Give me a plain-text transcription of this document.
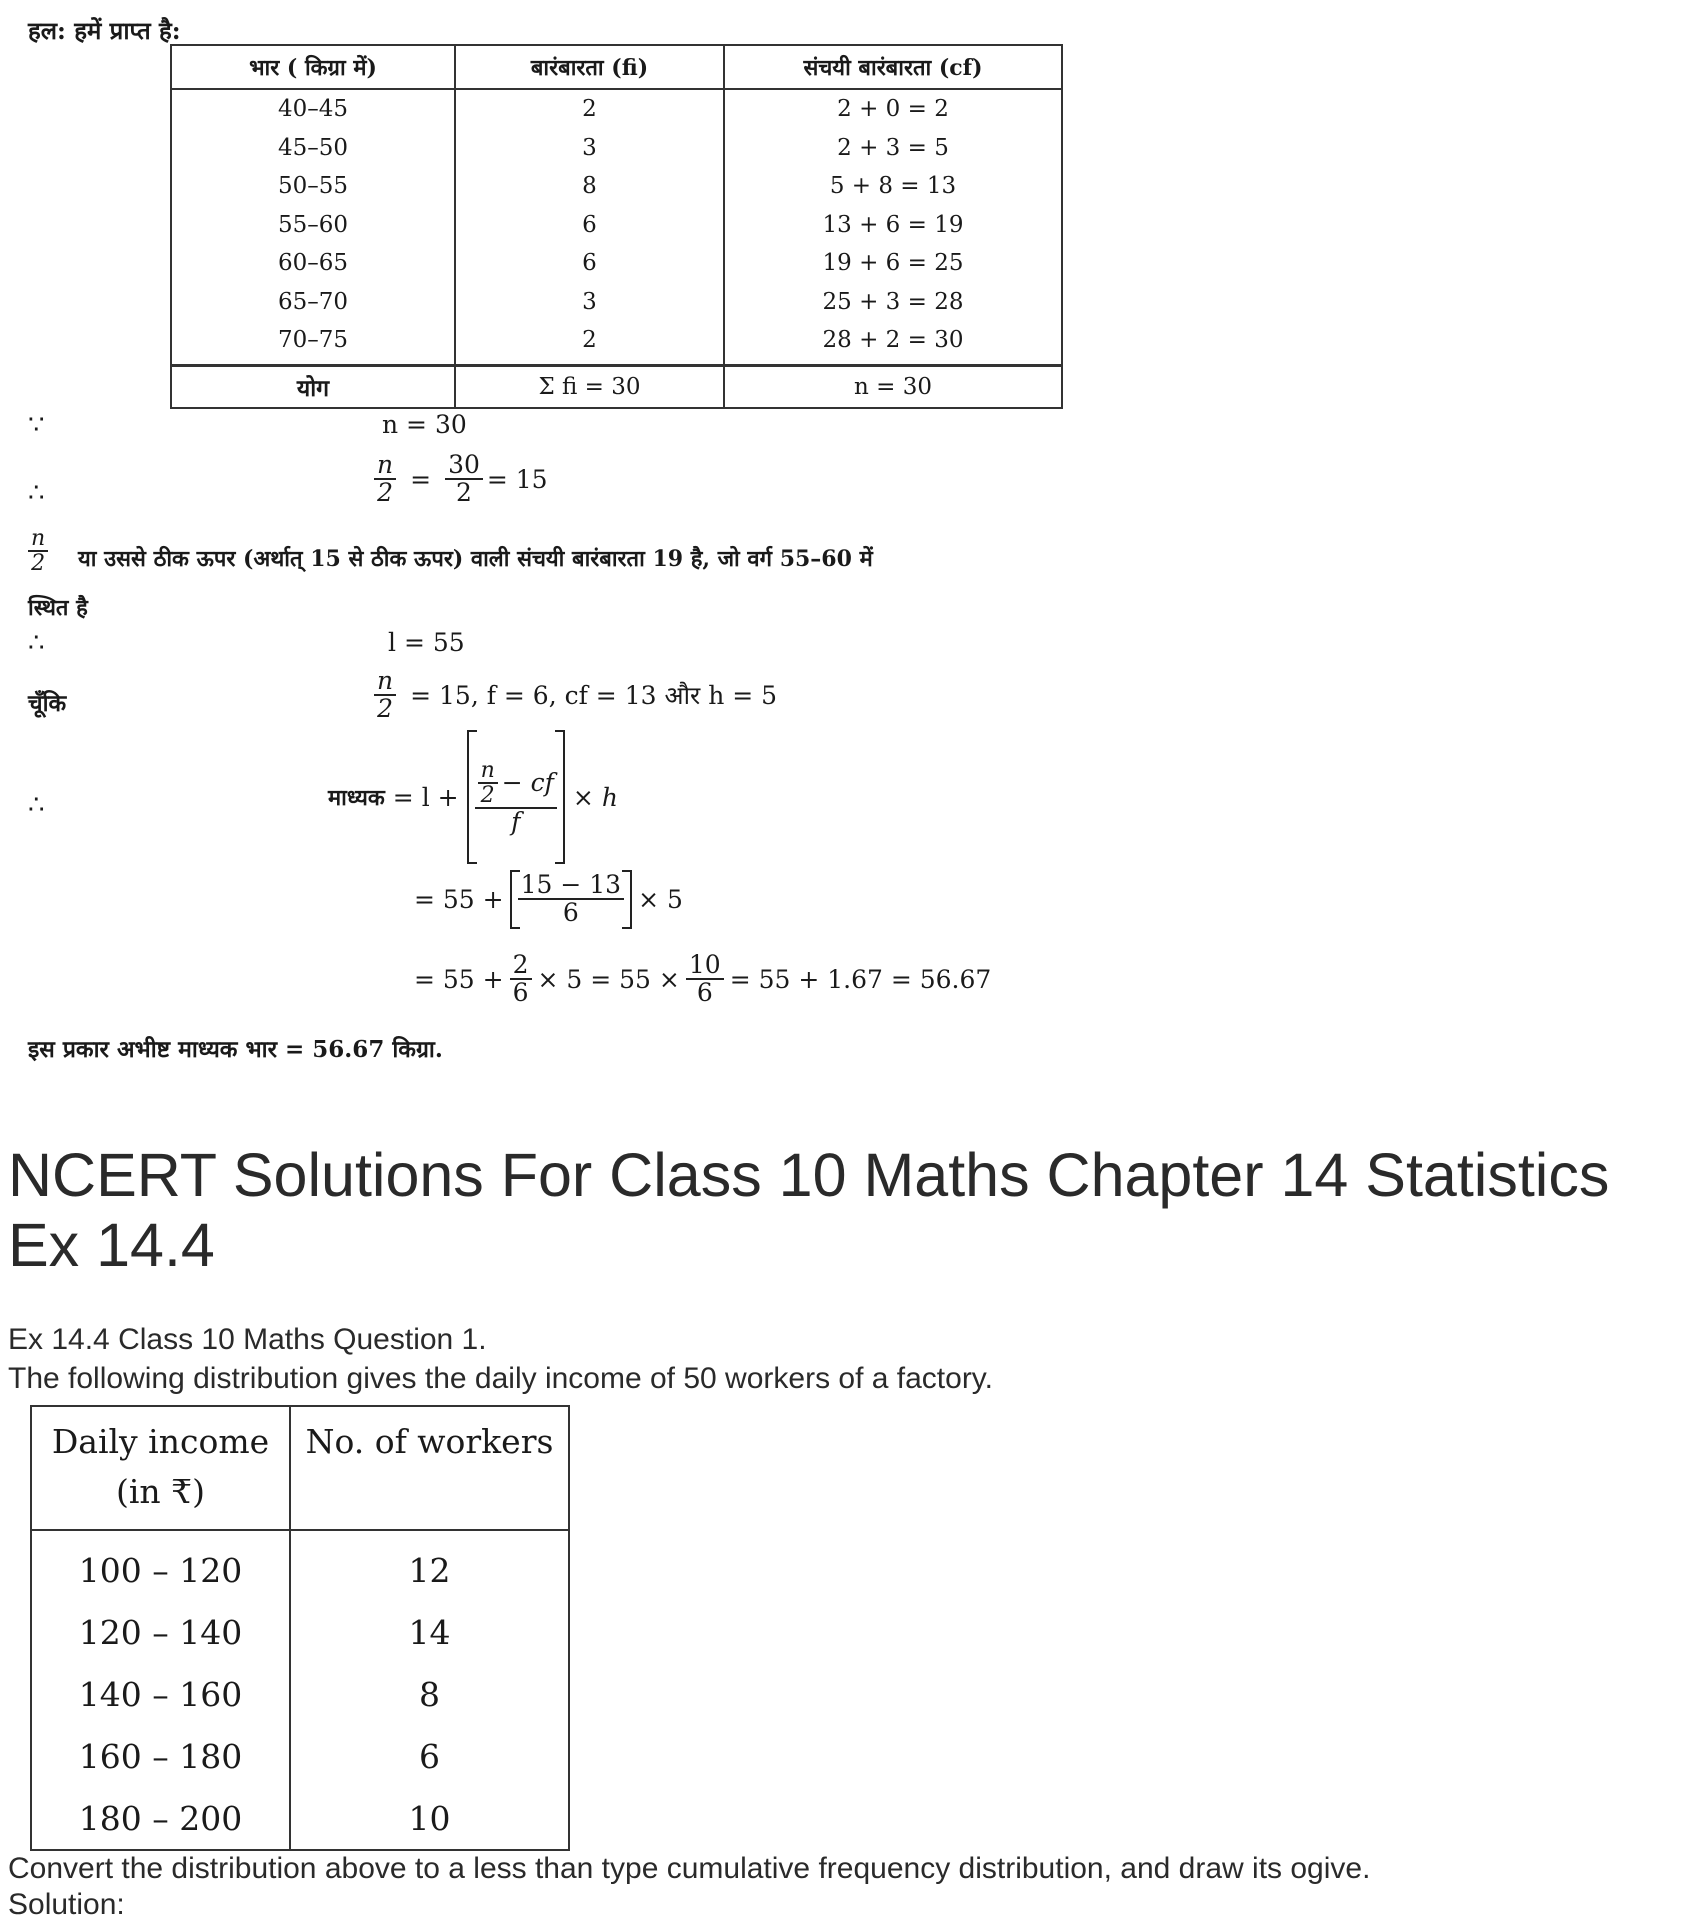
हल: हमें प्राप्त है:
भार ( किग्रा में)	बारंबारता (fi)	संचयी बारंबारता (cf)
40–45	2	2 + 0 = 2
45–50	3	2 + 3 = 5
50–55	8	5 + 8 = 13
55–60	6	13 + 6 = 19
60–65	6	19 + 6 = 25
65–70	3	25 + 3 = 28
70–75	2	28 + 2 = 30
योग	Σ fi = 30	n = 30
∵	n = 30
∴	$\frac{n}{2} = \frac{30}{2} = 15$
$\frac{n}{2}$ या उससे ठीक ऊपर (अर्थात् 15 से ठीक ऊपर) वाली संचयी बारंबारता 19 है, जो वर्ग 55–60 में
स्थित है
∴	l = 55
चूँकि	$\frac{n}{2} = 15$, f = 6, cf = 13 और h = 5
∴	माध्यक = $l + \frac{\frac{n}{2} - cf}{f} \times h$
= $55 + \frac{15 - 13}{6} \times 5$
= $55 + \frac{2}{6} \times 5 = 55 \times \frac{10}{6} = 55 + 1.67 = 56.67$
इस प्रकार अभीष्ट माध्यक भार = 56.67 किग्रा.
NCERT Solutions For Class 10 Maths Chapter 14 Statistics Ex 14.4
Ex 14.4 Class 10 Maths Question 1.
The following distribution gives the daily income of 50 workers of a factory.
Daily income (in ₹)	No. of workers
100 – 120	12
120 – 140	14
140 – 160	8
160 – 180	6
180 – 200	10
Convert the distribution above to a less than type cumulative frequency distribution, and draw its ogive.
Solution:
